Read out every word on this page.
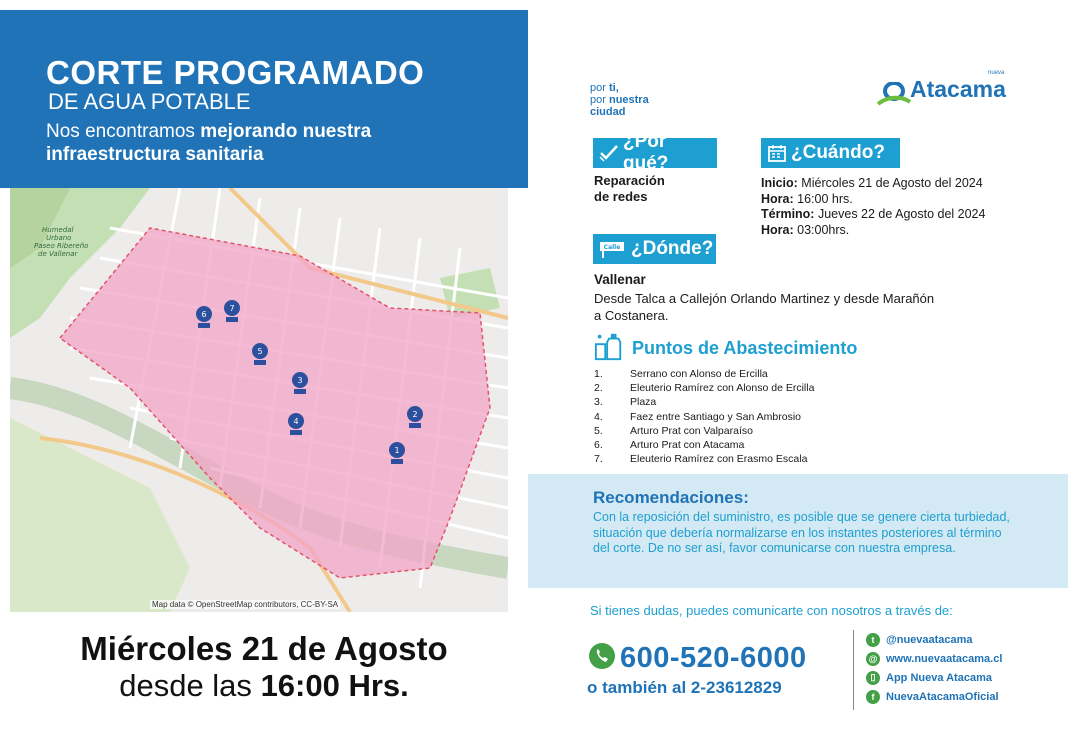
CORTE PROGRAMADO
DE AGUA POTABLE
Nos encontramos mejorando nuestra
infraestructura sanitaria
Humedal
Urbano
Paseo Ribereño
de Vallenar
1
2
3
4
5
6
7
Map data © OpenStreetMap contributors, CC-BY-SA
Miércoles 21 de Agosto
desde las 16:00 Hrs.
por ti,
por nuestra
ciudad
Atacama
nueva
¿Por qué?
Reparación
de redes
¿Cuándo?
Inicio: Miércoles 21 de Agosto del 2024
Hora: 16:00 hrs.
Término: Jueves 22 de Agosto del 2024
Hora: 03:00hrs.
Calle ¿Dónde?
Vallenar
Desde Talca a Callejón Orlando Martinez y desde Marañón
a Costanera.
Puntos de Abastecimiento
1.	Serrano con Alonso de Ercilla
2.	Eleuterio Ramírez con Alonso de Ercilla
3.	Plaza
4.	Faez entre Santiago y San Ambrosio
5.	Arturo Prat con Valparaíso
6.	Arturo Prat con Atacama
7.	Eleuterio Ramírez con Erasmo Escala
Recomendaciones:
Con la reposición del suministro, es posible que se genere cierta turbiedad, situación que debería normalizarse en los instantes posteriores al término del corte. De no ser así, favor comunicarse con nuestra empresa.
Si tienes dudas, puedes comunicarte con nosotros a través de:
600-520-6000
o también al 2-23612829
t	@nuevaatacama
@ www.nuevaatacama.cl
▯ App Nueva Atacama
f	NuevaAtacamaOficial
